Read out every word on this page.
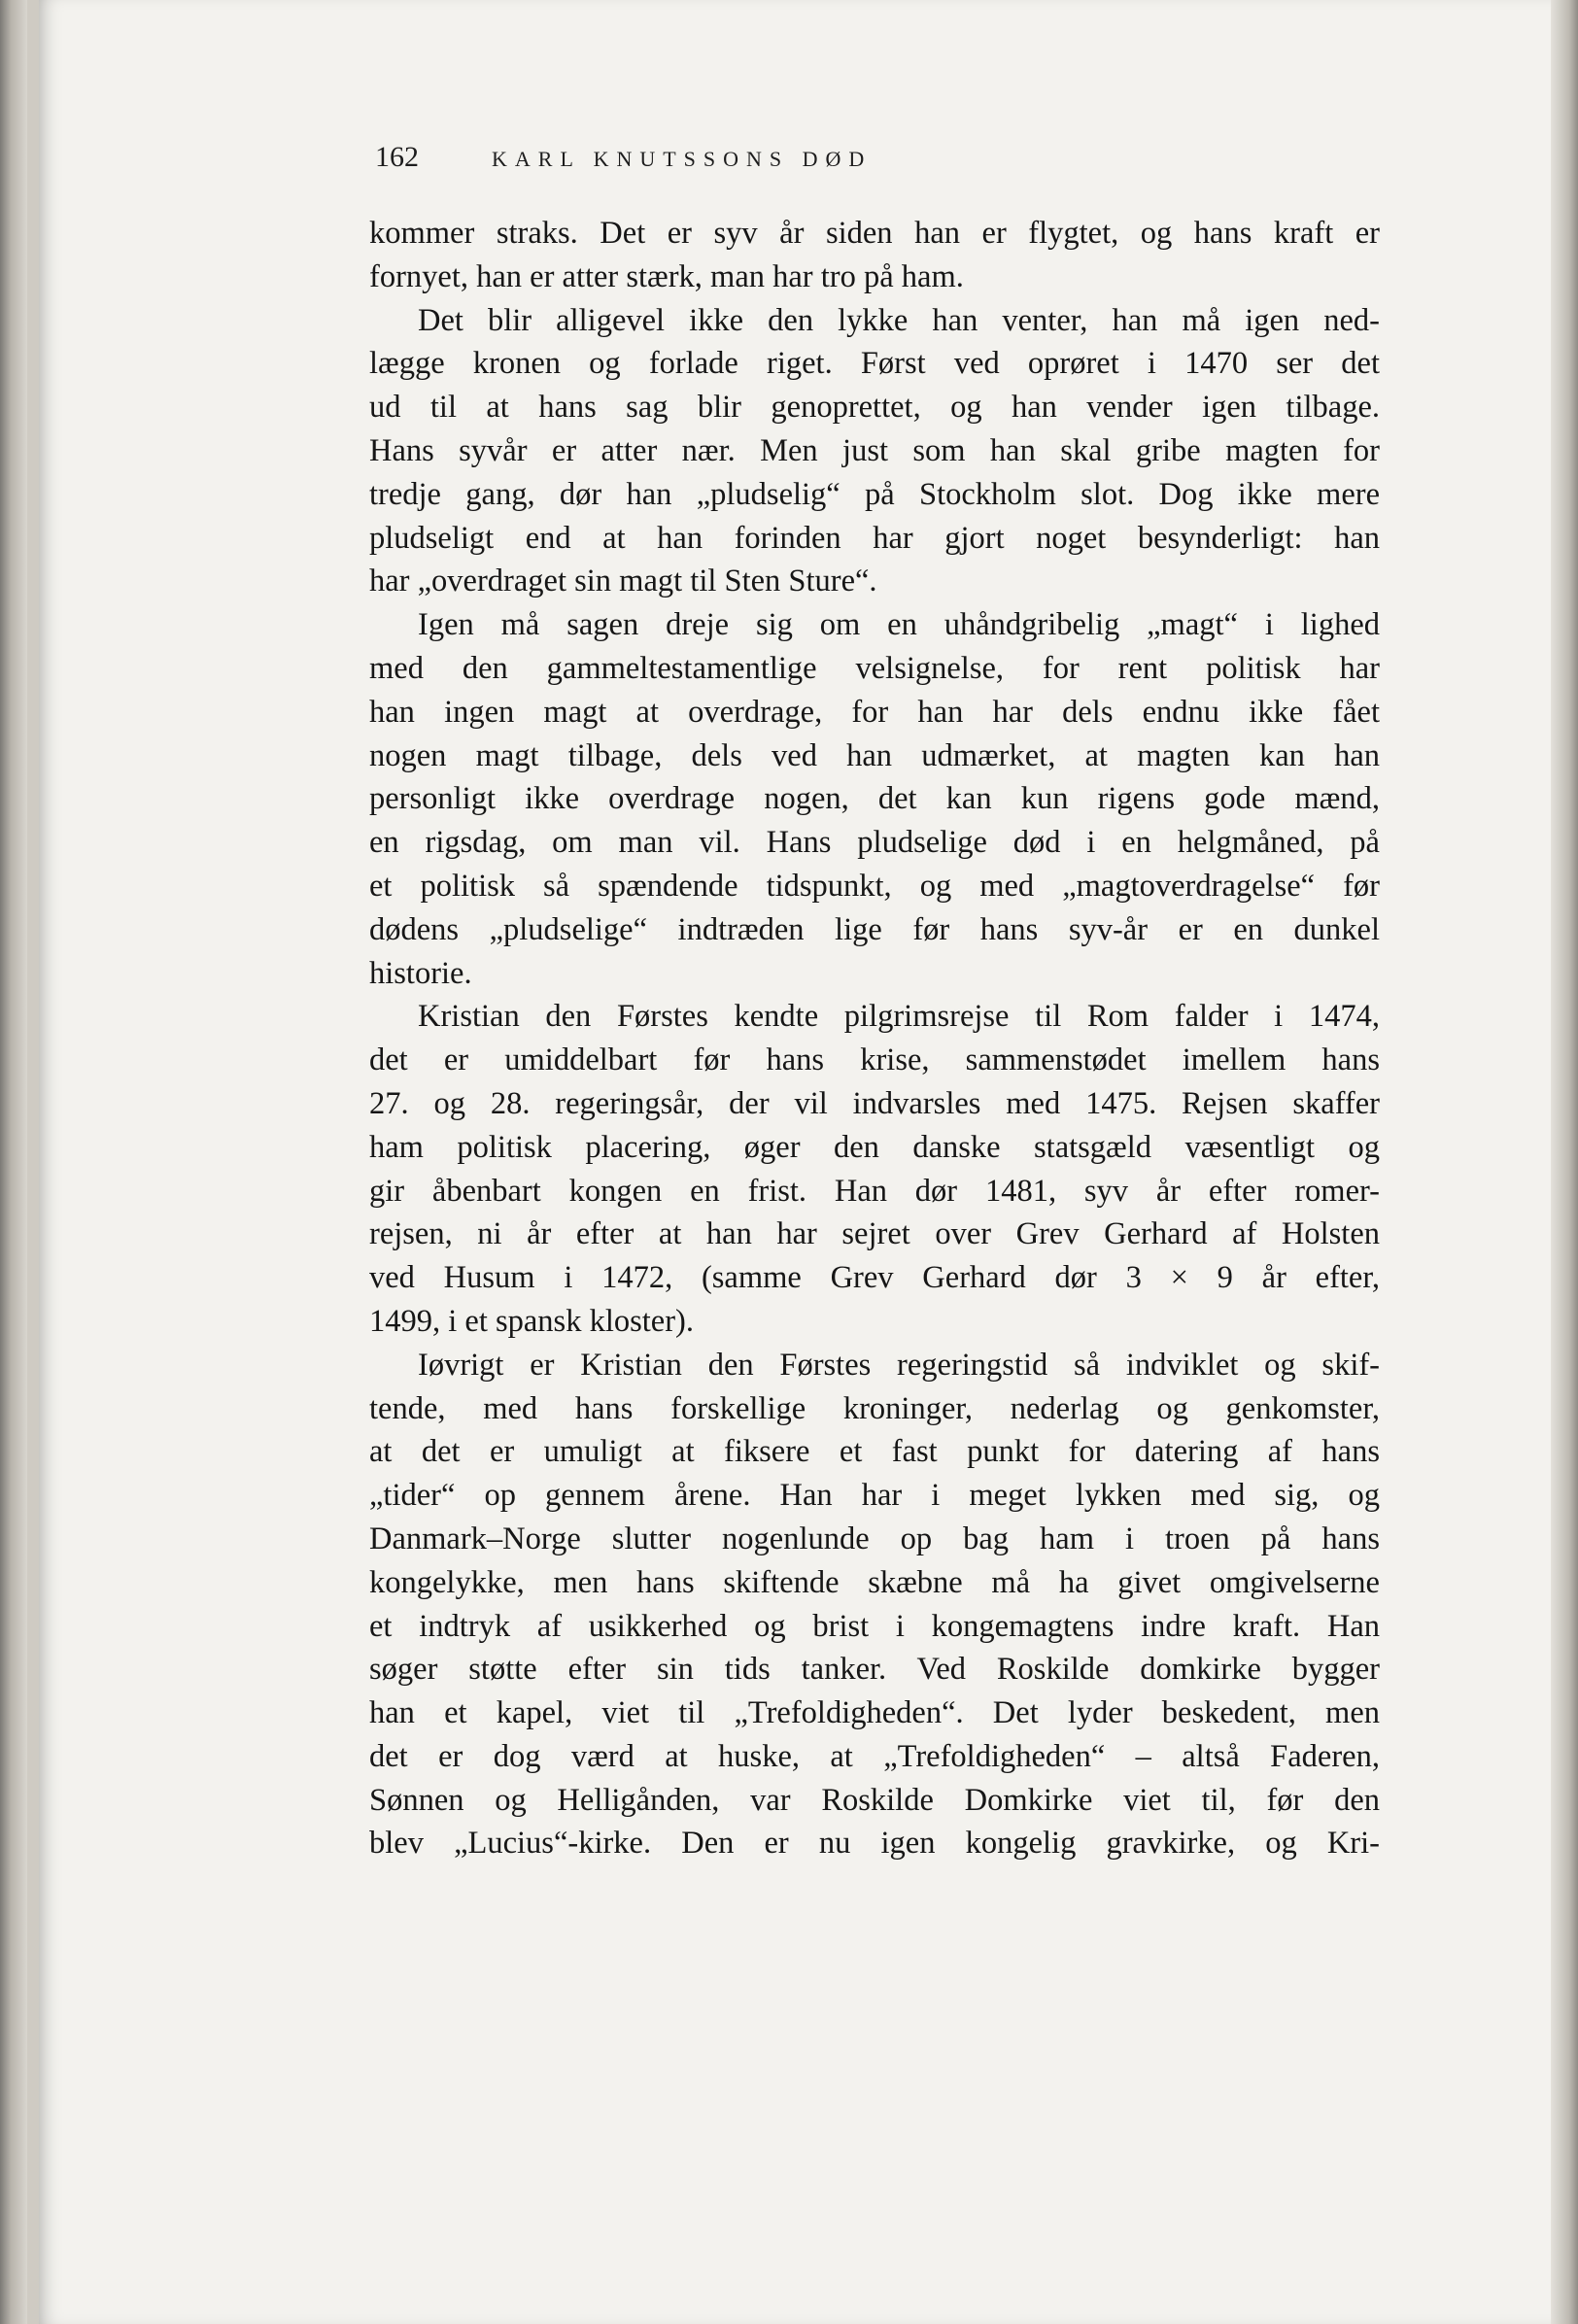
162	KARL KNUTSSONS DØD
kommer straks. Det er syv år siden han er flygtet, og hans kraft er
fornyet, han er atter stærk, man har tro på ham.
Det blir alligevel ikke den lykke han venter, han må igen ned-
lægge kronen og forlade riget. Først ved oprøret i 1470 ser det
ud til at hans sag blir genoprettet, og han vender igen tilbage.
Hans syvår er atter nær. Men just som han skal gribe magten for
tredje gang, dør han „pludselig“ på Stockholm slot. Dog ikke mere
pludseligt end at han forinden har gjort noget besynderligt: han
har „overdraget sin magt til Sten Sture“.
Igen må sagen dreje sig om en uhåndgribelig „magt“ i lighed
med den gammeltestamentlige velsignelse, for rent politisk har
han ingen magt at overdrage, for han har dels endnu ikke fået
nogen magt tilbage, dels ved han udmærket, at magten kan han
personligt ikke overdrage nogen, det kan kun rigens gode mænd,
en rigsdag, om man vil. Hans pludselige død i en helgmåned, på
et politisk så spændende tidspunkt, og med „magtoverdragelse“ før
dødens „pludselige“ indtræden lige før hans syv-år er en dunkel
historie.
Kristian den Førstes kendte pilgrimsrejse til Rom falder i 1474,
det er umiddelbart før hans krise, sammenstødet imellem hans
27. og 28. regeringsår, der vil indvarsles med 1475. Rejsen skaffer
ham politisk placering, øger den danske statsgæld væsentligt og
gir åbenbart kongen en frist. Han dør 1481, syv år efter romer-
rejsen, ni år efter at han har sejret over Grev Gerhard af Holsten
ved Husum i 1472, (samme Grev Gerhard dør 3 × 9 år efter,
1499, i et spansk kloster).
Iøvrigt er Kristian den Førstes regeringstid så indviklet og skif-
tende, med hans forskellige kroninger, nederlag og genkomster,
at det er umuligt at fiksere et fast punkt for datering af hans
„tider“ op gennem årene. Han har i meget lykken med sig, og
Danmark–Norge slutter nogenlunde op bag ham i troen på hans
kongelykke, men hans skiftende skæbne må ha givet omgivelserne
et indtryk af usikkerhed og brist i kongemagtens indre kraft. Han
søger støtte efter sin tids tanker. Ved Roskilde domkirke bygger
han et kapel, viet til „Trefoldigheden“. Det lyder beskedent, men
det er dog værd at huske, at „Trefoldigheden“ – altså Faderen,
Sønnen og Helligånden, var Roskilde Domkirke viet til, før den
blev „Lucius“-kirke. Den er nu igen kongelig gravkirke, og Kri-
